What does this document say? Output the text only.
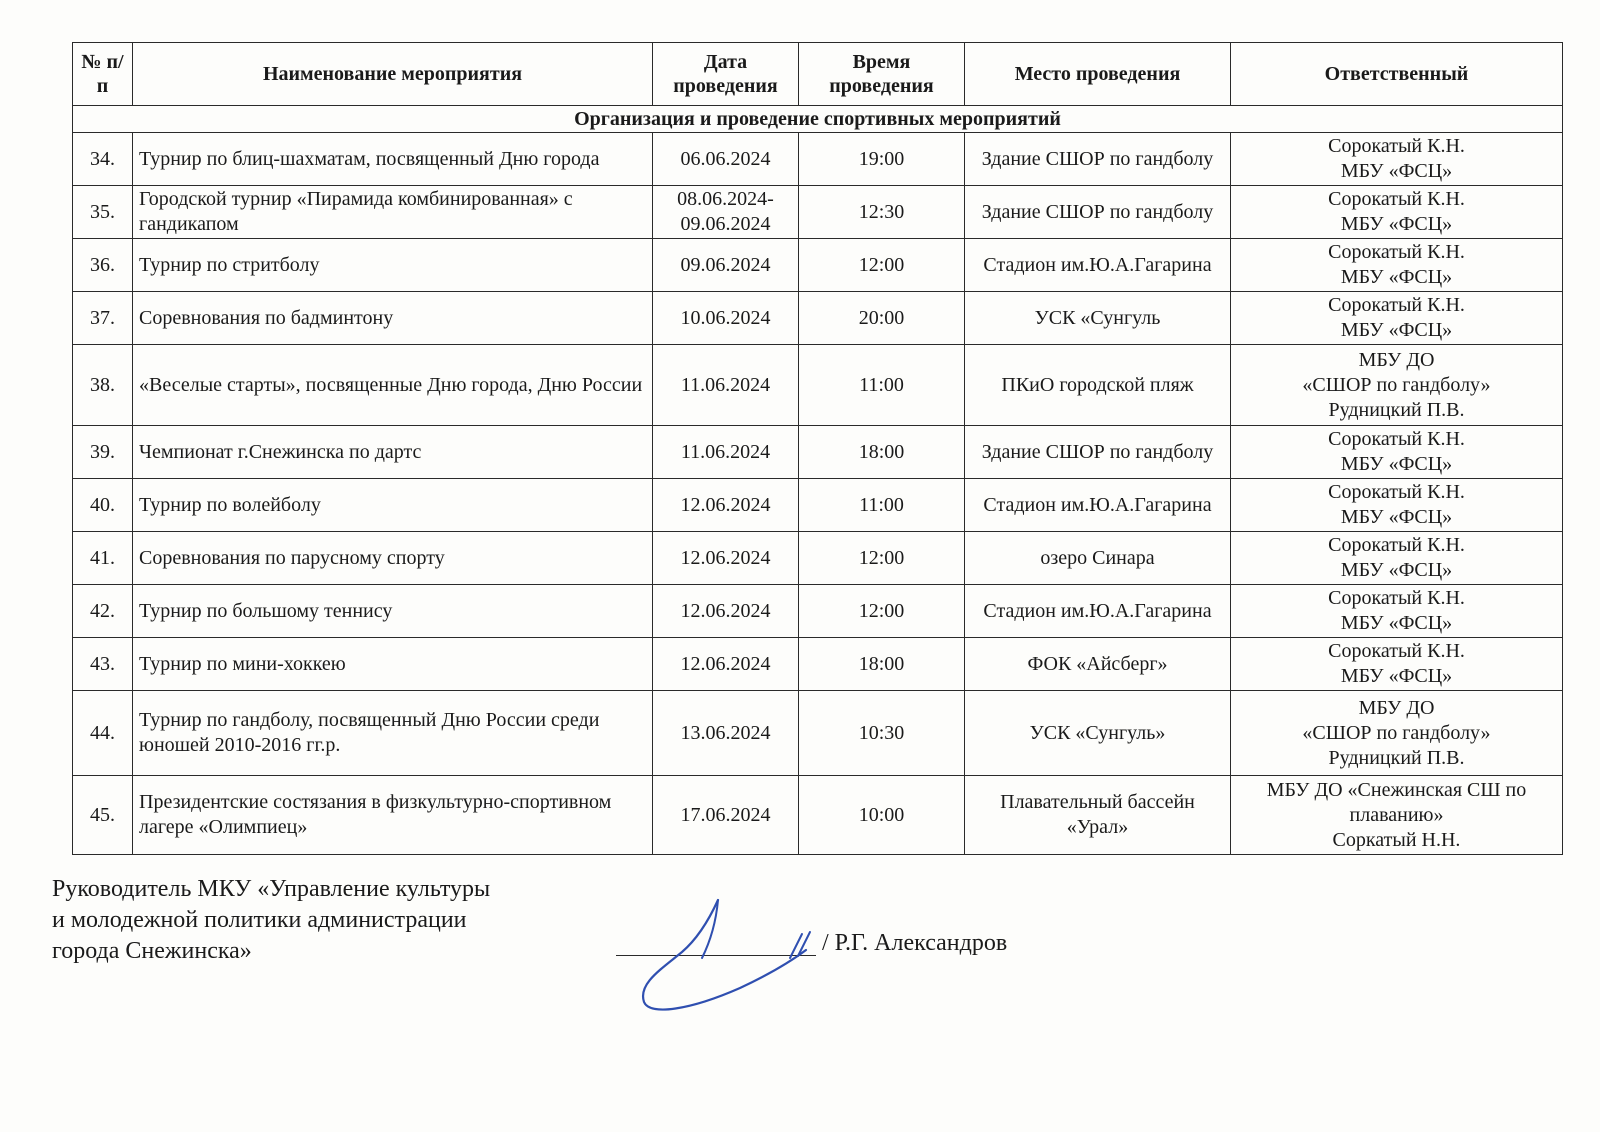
№ п/п	Наименование мероприятия	Дата проведения	Время проведения	Место проведения	Ответственный
Организация и проведение спортивных мероприятий					
34.	Турнир по блиц-шахматам, посвященный Дню города	06.06.2024	19:00	Здание СШОР по гандболу	Сорокатый К.Н.
МБУ «ФСЦ»

35.	Городской турнир «Пирамида комбинированная» с гандикапом	08.06.2024-09.06.2024	12:30	Здание СШОР по гандболу	Сорокатый К.Н.
МБУ «ФСЦ»

36.	Турнир по стритболу	09.06.2024	12:00	Стадион им.Ю.А.Гагарина	Сорокатый К.Н.
МБУ «ФСЦ»

37.	Соревнования по бадминтону	10.06.2024	20:00	УСК «Сунгуль	Сорокатый К.Н.
МБУ «ФСЦ»

38.	«Веселые старты», посвященные Дню города, Дню России	11.06.2024	11:00	ПКиО городской пляж	МБУ ДО
«СШОР по гандболу»
Рудницкий П.В.

39.	Чемпионат г.Снежинска по дартс	11.06.2024	18:00	Здание СШОР по гандболу	Сорокатый К.Н.
МБУ «ФСЦ»

40.	Турнир по волейболу	12.06.2024	11:00	Стадион им.Ю.А.Гагарина	Сорокатый К.Н.
МБУ «ФСЦ»

41.	Соревнования по парусному спорту	12.06.2024	12:00	озеро Синара	Сорокатый К.Н.
МБУ «ФСЦ»

42.	Турнир по большому теннису	12.06.2024	12:00	Стадион им.Ю.А.Гагарина	Сорокатый К.Н.
МБУ «ФСЦ»

43.	Турнир по мини-хоккею	12.06.2024	18:00	ФОК «Айсберг»	Сорокатый К.Н.
МБУ «ФСЦ»

44.	Турнир по гандболу, посвященный Дню России среди юношей 2010-2016 гг.р.	13.06.2024	10:30	УСК «Сунгуль»	МБУ ДО
«СШОР по гандболу»
Рудницкий П.В.

45.	Президентские состязания в физкультурно-спортивном лагере «Олимпиец»	17.06.2024	10:00	Плавательный бассейн «Урал»	МБУ ДО «Снежинская СШ по плаванию»
Соркатый Н.Н.
Руководитель МКУ «Управление культуры
и молодежной политики администрации
города Снежинска»	/ Р.Г. Александров
